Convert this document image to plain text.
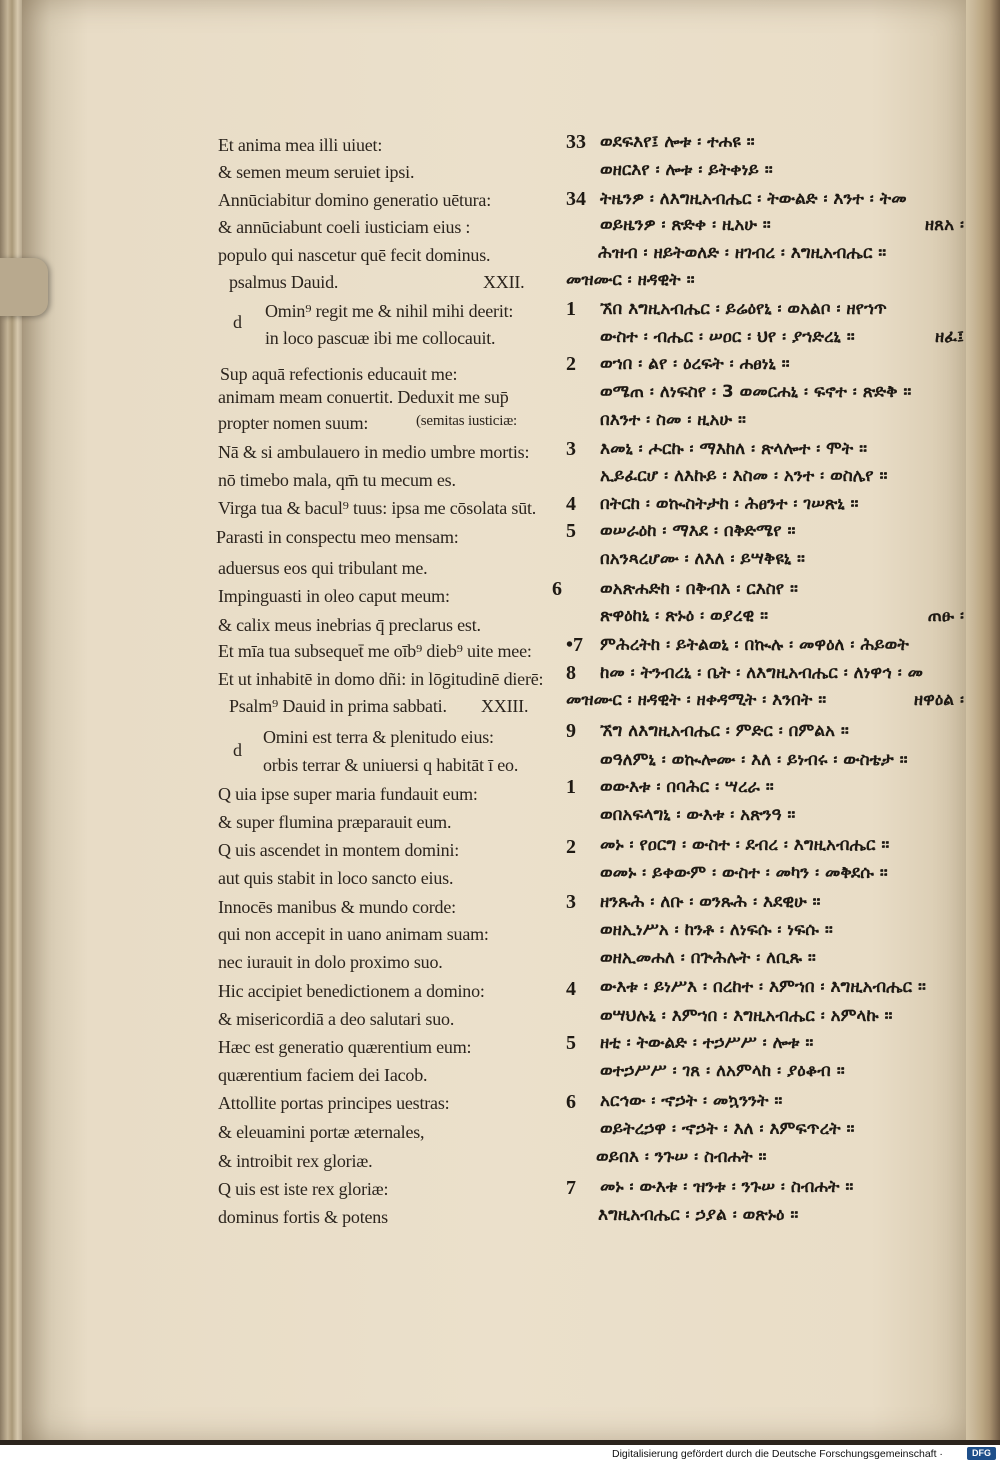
Et anima mea illi uiuet:
& semen meum seruiet ipsi.
Annūciabitur domino generatio uētura:
& annūciabunt coeli iusticiam eius :
populo qui nascetur quē fecit dominus.
psalmus Dauid.	XXII.
d
Omin⁹ regit me & nihil mihi deerit:
in loco pascuæ ibi me collocauit.
Sup aquā refectionis educauit me:
animam meam conuertit. Deduxit me sup̄
propter nomen suum:	(semitas iusticiæ:
Nā & si ambulauero in medio umbre mortis:
nō timebo mala, qm̄ tu mecum es.
Virga tua & bacul⁹ tuus: ipsa me cōsolata sūt.
Parasti in conspectu meo mensam:
aduersus eos qui tribulant me.
Impinguasti in oleo caput meum:
& calix meus inebrias q̄ preclarus est.
Et mīa tua subsequet̄ me oīb⁹ dieb⁹ uite mee:
Et ut inhabitē in domo dñi: in lōgitudinē dierē:
Psalm⁹ Dauid in prima sabbati. XXIII.
d
Omini est terra & plenitudo eius:
orbis terrar & uniuersi q habitāt ī eo.
Q uia ipse super maria fundauit eum:
& super flumina præparauit eum.
Q uis ascendet in montem domini:
aut quis stabit in loco sancto eius.
Innocēs manibus & mundo corde:
qui non accepit in uano animam suam:
nec iurauit in dolo proximo suo.
Hic accipiet benedictionem a domino:
& misericordiā a deo salutari suo.
Hæc est generatio quærentium eum:
quærentium faciem dei Iacob.
Attollite portas principes uestras:
& eleuamini portæ æternales,
& introibit rex gloriæ.
Q uis est iste rex gloriæ:
dominus fortis & potens
33 ወደፍእየ፤ ሎቱ ፡ ተሐዩ ።
ወዘርእየ ፡ ሎቱ ፡ ይትቀነይ ።
34 ትዜንዎ ፡ ለእግዚአብሔር ፡ ትውልድ ፡ እንተ ፡ ትመ
ወይዜንዎ ፡ ጽድቀ ፡ ዚአሁ ።	ዘጸአ ፡
ሕዝብ ፡ ዘይትወለድ ፡ ዘገብረ ፡ እግዚአብሔር ።
መዝሙር ፡ ዘዳዊት ።
1 ኧበ እግዚአብሔር ፡ ይሬዕየኒ ፡ ወአልቦ ፡ ዘየኀጥ
ውስተ ፡ ብሔር ፡ ሠዐር ፡ ህየ ፡ ያኀድረኒ ።	ዘፈ፤
2 ወኀበ ፡ ልየ ፡ ዕረፍት ፡ ሐፀነኒ ።
ወሜጠ ፡ ለነፍስየ ፡ 3 ወመርሐኒ ፡ ፍኖተ ፡ ጽድቅ ።
በእንተ ፡ ስመ ፡ ዚአሁ ።
3 እመኒ ፡ ሖርኩ ፡ ማእከለ ፡ ጽላሎተ ፡ ሞት ።
ኢይፈርሆ ፡ ለእኩይ ፡ እስመ ፡ አንተ ፡ ወስሌየ ።
4 በትርከ ፡ ወኲስትታከ ፡ ሕፀንተ ፡ ገሠጽኒ ።
5 ወሠራዕከ ፡ ማእደ ፡ በቅድሜየ ።
በአንጻረሆሙ ፡ ለእለ ፡ ይሣቅዩኒ ።
6 ወአጽሐድከ ፡ በቅብእ ፡ ርእስየ ።
ጽዋዕከኒ ፡ ጽኑዕ ፡ ወያረዊ ።	ጠፁ ፡
•7 ምሕረትከ ፡ ይትልወኒ ፡ በኲሉ ፡ መዋዕለ ፡ ሕይወት
8 ከመ ፡ ትንብረኒ ፡ ቤት ፡ ለእግዚአብሔር ፡ ለነዋኅ ፡ መ
መዝሙር ፡ ዘዳዊት ፡ ዘቀዳሚት ፡ እንበት ።	ዘዋዕል ፡
9 ኧግ ለእግዚአብሔር ፡ ምድር ፡ በምልአ ።
ወዓለምኒ ፡ ወኲሎሙ ፡ እለ ፡ ይነብሩ ፡ ውስቴታ ።
1 ወውእቱ ፡ በባሕር ፡ ሣረራ ።
ወበአፍላግኒ ፡ ውእቱ ፡ አጽንዓ ።
2 መኑ ፡ የዐርግ ፡ ውስተ ፡ ደብረ ፡ እግዚአብሔር ።
ወመኑ ፡ ይቀውም ፡ ውስተ ፡ መካን ፡ መቅደሱ ።
3 ዘንጹሕ ፡ ለቡ ፡ ወንጹሕ ፡ እደዊሁ ።
ወዘኢነሥአ ፡ ከንቶ ፡ ለነፍሱ ፡ ነፍሱ ።
ወዘኢመሐለ ፡ በጕሕሉት ፡ ለቢጹ ።
4 ውእቱ ፡ ይነሥእ ፡ በረከተ ፡ እምኀበ ፡ እግዚአብሔር ።
ወሣህሉኒ ፡ እምኀበ ፡ እግዚአብሔር ፡ አምላኩ ።
5 ዘቲ ፡ ትውልድ ፡ ተኃሥሥ ፡ ሎቱ ።
ወተኃሥሥ ፡ ገጸ ፡ ለአምላከ ፡ ያዕቆብ ።
6 አርኅው ፡ ኆኃት ፡ መኳንንት ።
ወይትረኃዋ ፡ ኆኃት ፡ እለ ፡ እምፍጥረት ።
ወይበእ ፡ ንጉሠ ፡ ስብሐት ።
7 መኑ ፡ ውእቱ ፡ ዝንቱ ፡ ንጉሠ ፡ ስብሐት ።
እግዚአብሔር ፡ ኃያል ፡ ወጽኑዕ ።
Digitalisierung gefördert durch die Deutsche Forschungsgemeinschaft ·	DFG
